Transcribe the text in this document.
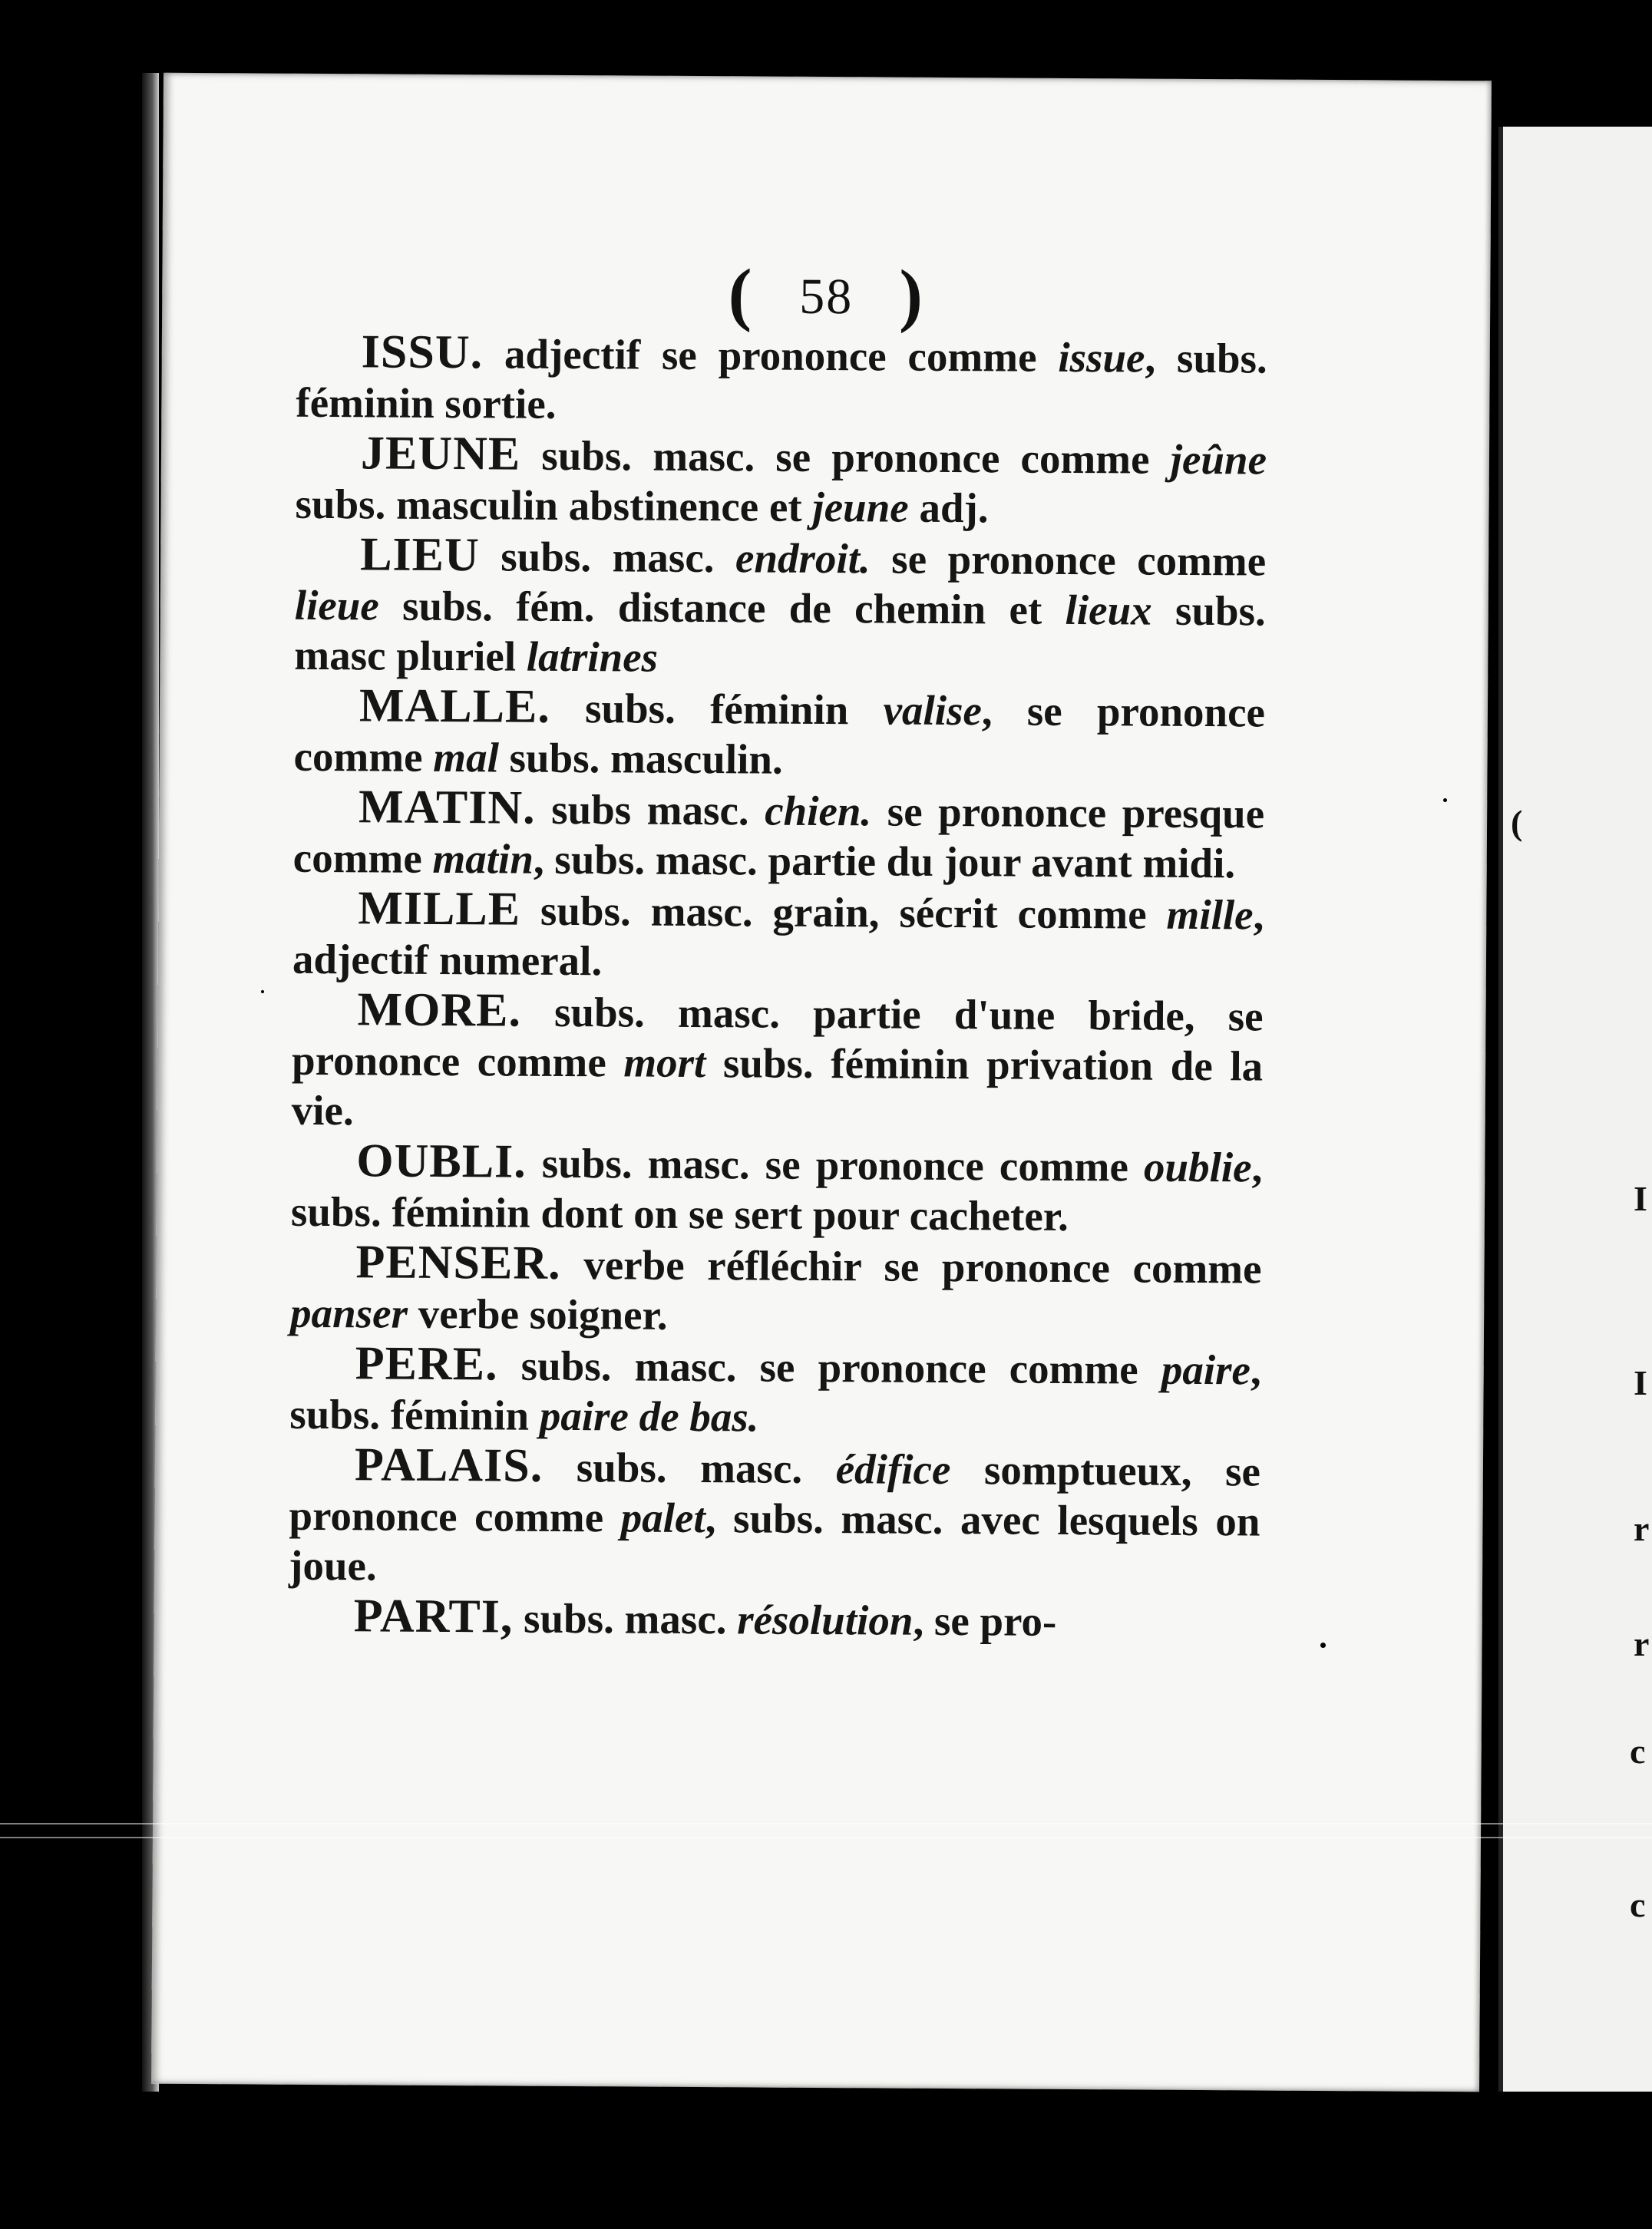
( 58 )

ISSU. adjectif se prononce comme issue, subs. féminin sortie.

JEUNE subs. masc. se prononce comme jeûne subs. masculin abstinence et jeune adj.

LIEU subs. masc. endroit. se prononce comme lieue subs. fém. distance de chemin et lieux subs. masc pluriel latrines

MALLE. subs. féminin valise, se prononce comme mal subs. masculin.

MATIN. subs masc. chien. se prononce presque comme matin, subs. masc. partie du jour avant midi.

MILLE subs. masc. grain, sécrit comme mille, adjectif numeral.

MORE. subs. masc. partie d'une bride, se prononce comme mort subs. féminin privation de la vie.

OUBLI. subs. masc. se prononce comme oublie, subs. féminin dont on se sert pour cacheter.

PENSER. verbe réfléchir se prononce comme panser verbe soigner.

PERE. subs. masc. se prononce comme paire, subs. féminin paire de bas.

PALAIS. subs. masc. édifice somptueux, se prononce comme palet, subs. masc. avec lesquels on joue.

PARTI, subs. masc. résolution, se pro-

(
I
I
r
r
c
c
